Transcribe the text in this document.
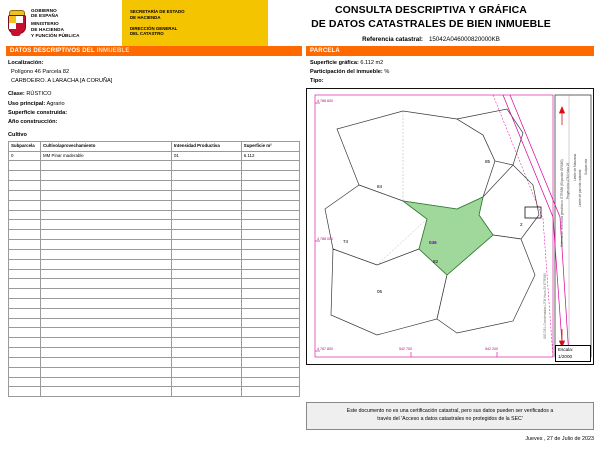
GOBIERNO
DE ESPAÑA
MINISTERIO
DE HACIENDA
Y FUNCIÓN PÚBLICA
SECRETARÍA DE ESTADO
DE HACIENDA
DIRECCIÓN GENERAL
DEL CATASTRO
CONSULTA DESCRIPTIVA Y GRÁFICA
DE DATOS CATASTRALES DE BIEN INMUEBLE
Referencia catastral: 15042A046000820000KB
DATOS DESCRIPTIVOS DEL INMUEBLE
Localización:
Polígono 46 Parcela 82
CARBOEIRO. A LARACHA [A CORUÑA]
Clase: RÚSTICO
Uso principal: Agrario
Superficie construida:
Año construcción:
Cultivo
Subparcela	Cultivo/aprovechamiento	Intensidad Productiva	Superficie m²
0	MM Pinar maderable	01	6.112

PARCELA
Superficie gráfica: 6.112 m2
Participación del inmueble: %
Tipo:
4 788 600
4 788 000
4 787 800	542 700	542 200
84
85
74
82
046
05
2	Sistema de referencia geodésico: ETRS89 (Elipsoide GRS80) Proyección UTM Huso 29 Límite de Manzana
Límite de parcela catastral
Subparcela
SIG DEL Coordenadas UTM Huso 29 ETRS89
Escala:
1/2000
Este documento no es una certificación catastral, pero sus datos pueden ser verificados a
través del 'Acceso a datos catastrales no protegidos de la SEC'
Jueves , 27 de Julio de 2023
